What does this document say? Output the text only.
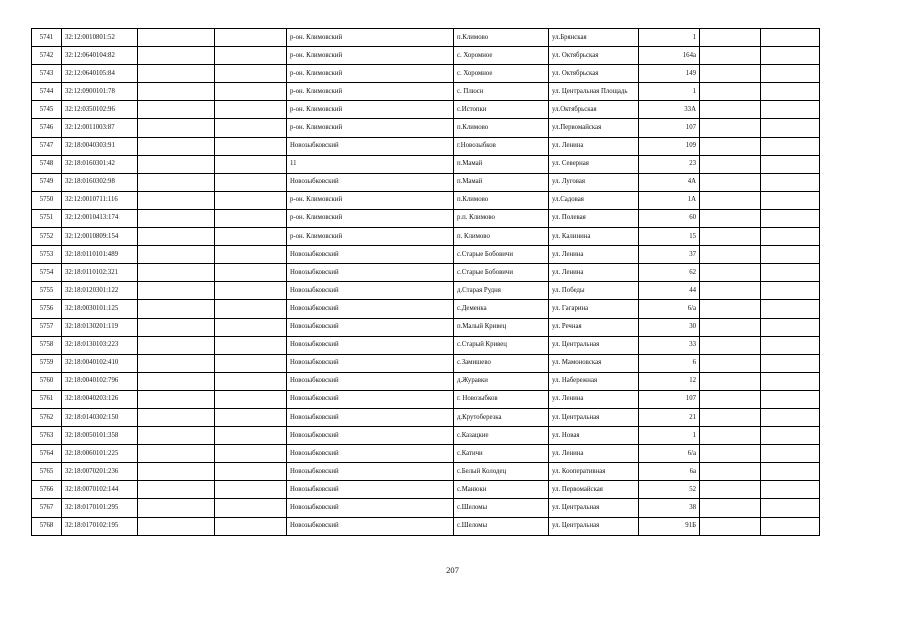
5741	32:12:0010801:52			р-он. Климовский	п.Климово	ул.Брянская	1		
5742	32:12:0640104:82			р-он. Климовский	с. Хоромное	ул. Октябрьская	164а		
5743	32:12:0640105:84			р-он. Климовский	с. Хоромное	ул. Октябрьская	149		
5744	32:12:0900101:78			р-он. Климовский	с. Плюсн	ул. Центральная Площадь	1		
5745	32:12:0350102:96			р-он. Климовский	с.Истопки	ул.Октябрьская	33А		
5746	32:12:0011003:87			р-он. Климовский	п.Климово	ул.Первомайская	107		
5747	32:18:0040303:91			Новозыбковский	г.Новозыбков	ул. Ленина	109		
5748	32:18:0160301:42			11	п.Мамай	ул. Северная	23		
5749	32:18:0160302:98			Новозыбковский	п.Мамай	ул. Луговая	4А		
5750	32:12:0010711:116			р-он. Климовский	п.Климово	ул.Садовая	1А		
5751	32:12:0010413:174			р-он. Климовский	р.п. Климово	ул. Полевая	60		
5752	32:12:0010809:154			р-он. Климовский	п. Климово	ул. Калинина	15		
5753	32:18:0110101:489			Новозыбковский	с.Старые Бобовичи	ул. Ленина	37		
5754	32:18:0110102:321			Новозыбковский	с.Старые Бобовичи	ул. Ленина	62		
5755	32:18:0120301:122			Новозыбковский	д.Старая Рудня	ул. Победы	44		
5756	32:18:0030101:125			Новозыбковский	с.Деменка	ул. Гагарина	6/а		
5757	32:18:0130201:119			Новозыбковский	п.Малый Кривец	ул. Речная	30		
5758	32:18:0130103:223			Новозыбковский	с.Старый Кривец	ул. Центральная	33		
5759	32:18:0040102:410			Новозыбковский	с.Замишево	ул. Мамоновская	6		
5760	32:18:0040102:796			Новозыбковский	д.Журавки	ул. Набережная	12		
5761	32:18:0040203:126			Новозыбковский	г. Новозыбков	ул. Ленина	107		
5762	32:18:0140302:150			Новозыбковский	д.Крутоберезка	ул. Центральная	21		
5763	32:18:0050101:358			Новозыбковский	с.Казацкие	ул. Новая	1		
5764	32:18:0060101:225			Новозыбковский	с.Катичи	ул. Ленина	6/а		
5765	32:18:0070201:236			Новозыбковский	с.Белый Колодец	ул. Кооперативная	6а		
5766	32:18:0070102:144			Новозыбковский	с.Манюки	ул. Первомайская	52		
5767	32:18:0170101:295			Новозыбковский	с.Шеломы	ул. Центральная	38		
5768	32:18:0170102:195			Новозыбковский	с.Шеломы	ул. Центральная	91Б		
207
